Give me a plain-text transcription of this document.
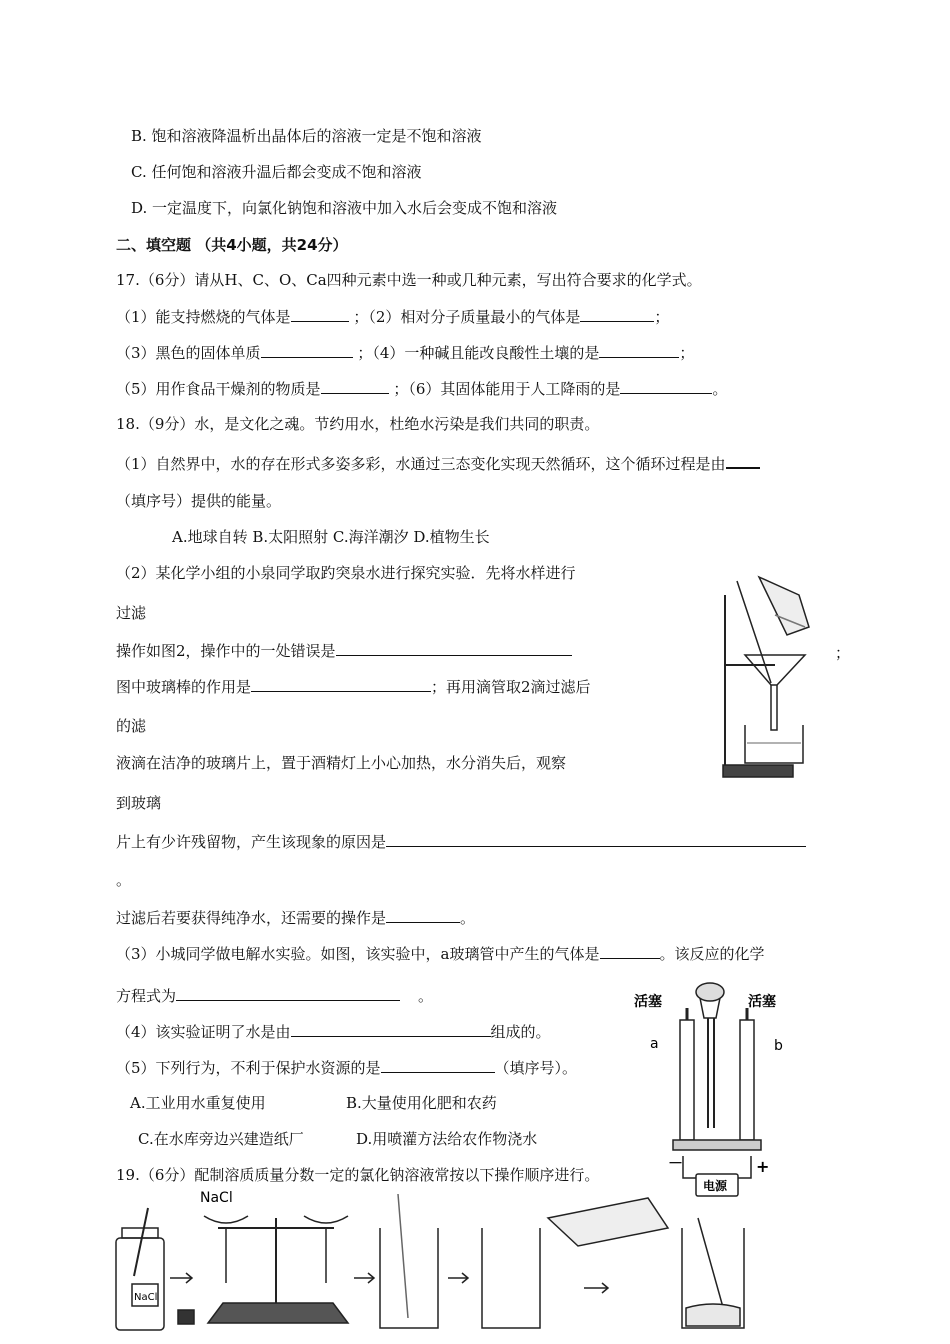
B. 饱和溶液降温析出晶体后的溶液一定是不饱和溶液
C. 任何饱和溶液升温后都会变成不饱和溶液
D. 一定温度下，向氯化钠饱和溶液中加入水后会变成不饱和溶液
二、填空题 （共4小题，共24分）
17.（6分）请从H、C、O、Ca四种元素中选一种或几种元素，写出符合要求的化学式。
（1）能支持燃烧的气体是	；（2）相对分子质量最小的气体是	；
（3）黑色的固体单质	；（4）一种碱且能改良酸性土壤的是	；
（5）用作食品干燥剂的物质是	；（6）其固体能用于人工降雨的是	。
18.（9分）水，是文化之魂。节约用水，杜绝水污染是我们共同的职责。
（1）自然界中，水的存在形式多姿多彩，水通过三态变化实现天然循环，这个循环过程是由
（填序号）提供的能量。
A.地球自转 B.太阳照射 C.海洋潮汐 D.植物生长
（2）某化学小组的小泉同学取趵突泉水进行探究实验．先将水样进行
过滤
操作如图2，操作中的一处错误是	；
图中玻璃棒的作用是	；再用滴管取2滴过滤后
的滤
液滴在洁净的玻璃片上，置于酒精灯上小心加热，水分消失后，观察
到玻璃
片上有少许残留物，产生该现象的原因是
。
过滤后若要获得纯净水，还需要的操作是	。
（3）小城同学做电解水实验。如图，该实验中，a玻璃管中产生的气体是	。该反应的化学
方程式为	。
（4）该实验证明了水是由	组成的。
（5）下列行为，不利于保护水资源的是	（填序号）。
A.工业用水重复使用	B.大量使用化肥和农药
C.在水库旁边兴建造纸厂	D.用喷灌方法给农作物浇水
19.（6分）配制溶质质量分数一定的氯化钠溶液常按以下操作顺序进行。
活塞	活塞
a	b
－	+
电源
NaCl
NaCl
